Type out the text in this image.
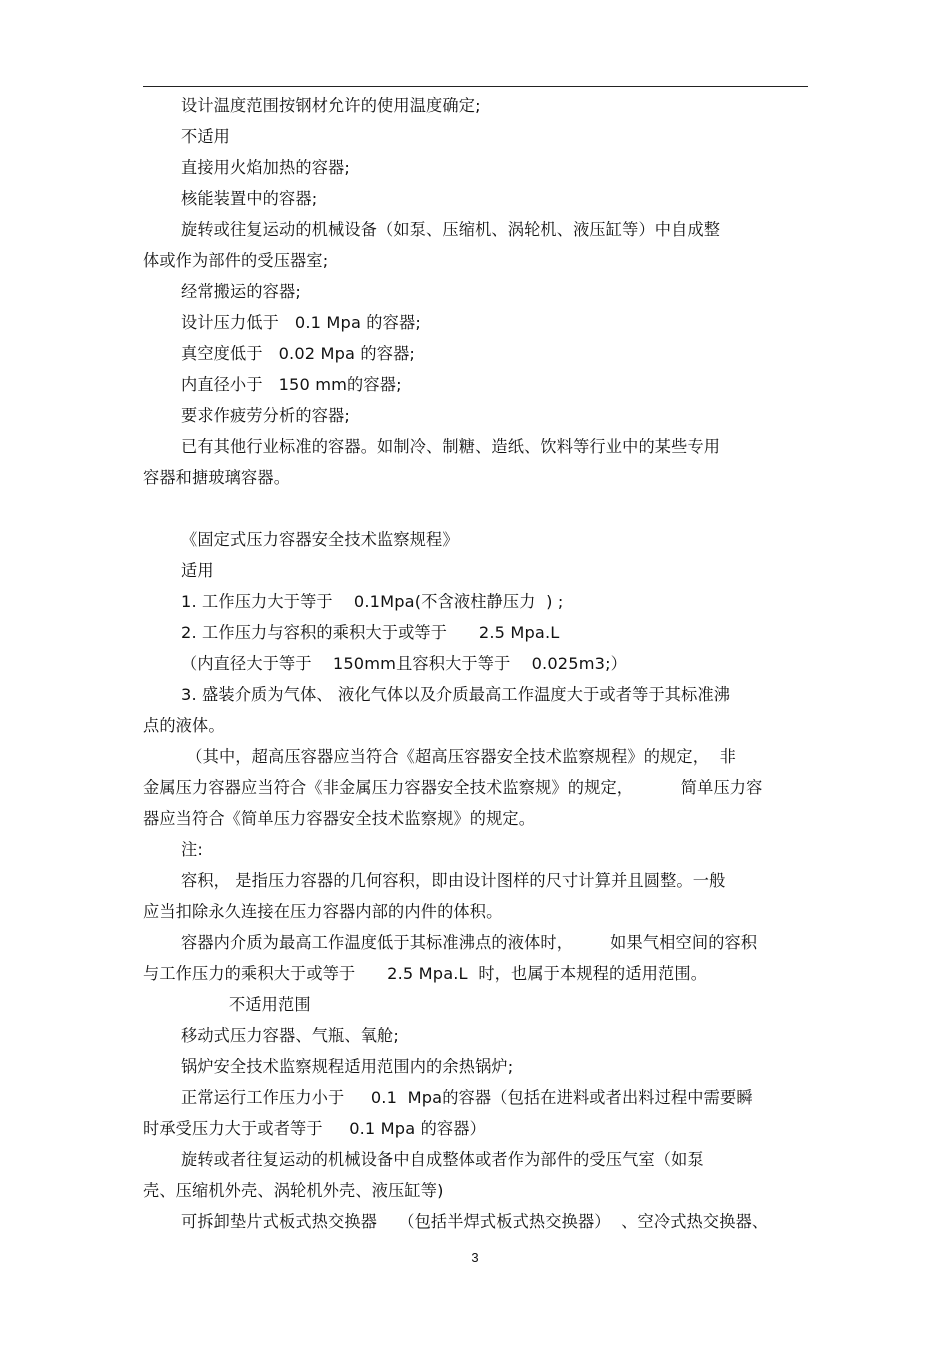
设计温度范围按钢材允许的使用温度确定;
不适用
直接用火焰加热的容器;
核能装置中的容器;
旋转或往复运动的机械设备（如泵、压缩机、涡轮机、液压缸等）中自成整
体或作为部件的受压器室;
经常搬运的容器;
设计压力低于   0.1 Mpa 的容器;
真空度低于   0.02 Mpa 的容器;
内直径小于   150 mm的容器;
要求作疲劳分析的容器;
已有其他行业标准的容器。如制冷、制糖、造纸、饮料等行业中的某些专用
容器和搪玻璃容器。
《固定式压力容器安全技术监察规程》
适用
1. 工作压力大于等于    0.1Mpa(不含液柱静压力  ) ;
2. 工作压力与容积的乘积大于或等于      2.5 Mpa.L
（内直径大于等于    150mm且容积大于等于    0.025m3;）
3. 盛装介质为气体、 液化气体以及介质最高工作温度大于或者等于其标准沸
点的液体。
（其中，超高压容器应当符合《超高压容器安全技术监察规程》的规定，  非
金属压力容器应当符合《非金属压力容器安全技术监察规》的规定，         简单压力容
器应当符合《简单压力容器安全技术监察规》的规定。
注:
容积， 是指压力容器的几何容积，即由设计图样的尺寸计算并且圆整。一般
应当扣除永久连接在压力容器内部的内件的体积。
容器内介质为最高工作温度低于其标准沸点的液体时，       如果气相空间的容积
与工作压力的乘积大于或等于      2.5 Mpa.L  时，也属于本规程的适用范围。
不适用范围
移动式压力容器、气瓶、氧舱;
锅炉安全技术监察规程适用范围内的余热锅炉;
正常运行工作压力小于     0.1  Mpa的容器（包括在进料或者出料过程中需要瞬
时承受压力大于或者等于     0.1 Mpa 的容器）
旋转或者往复运动的机械设备中自成整体或者作为部件的受压气室（如泵
壳、压缩机外壳、涡轮机外壳、液压缸等)
可拆卸垫片式板式热交换器    （包括半焊式板式热交换器）  、空冷式热交换器、
3
